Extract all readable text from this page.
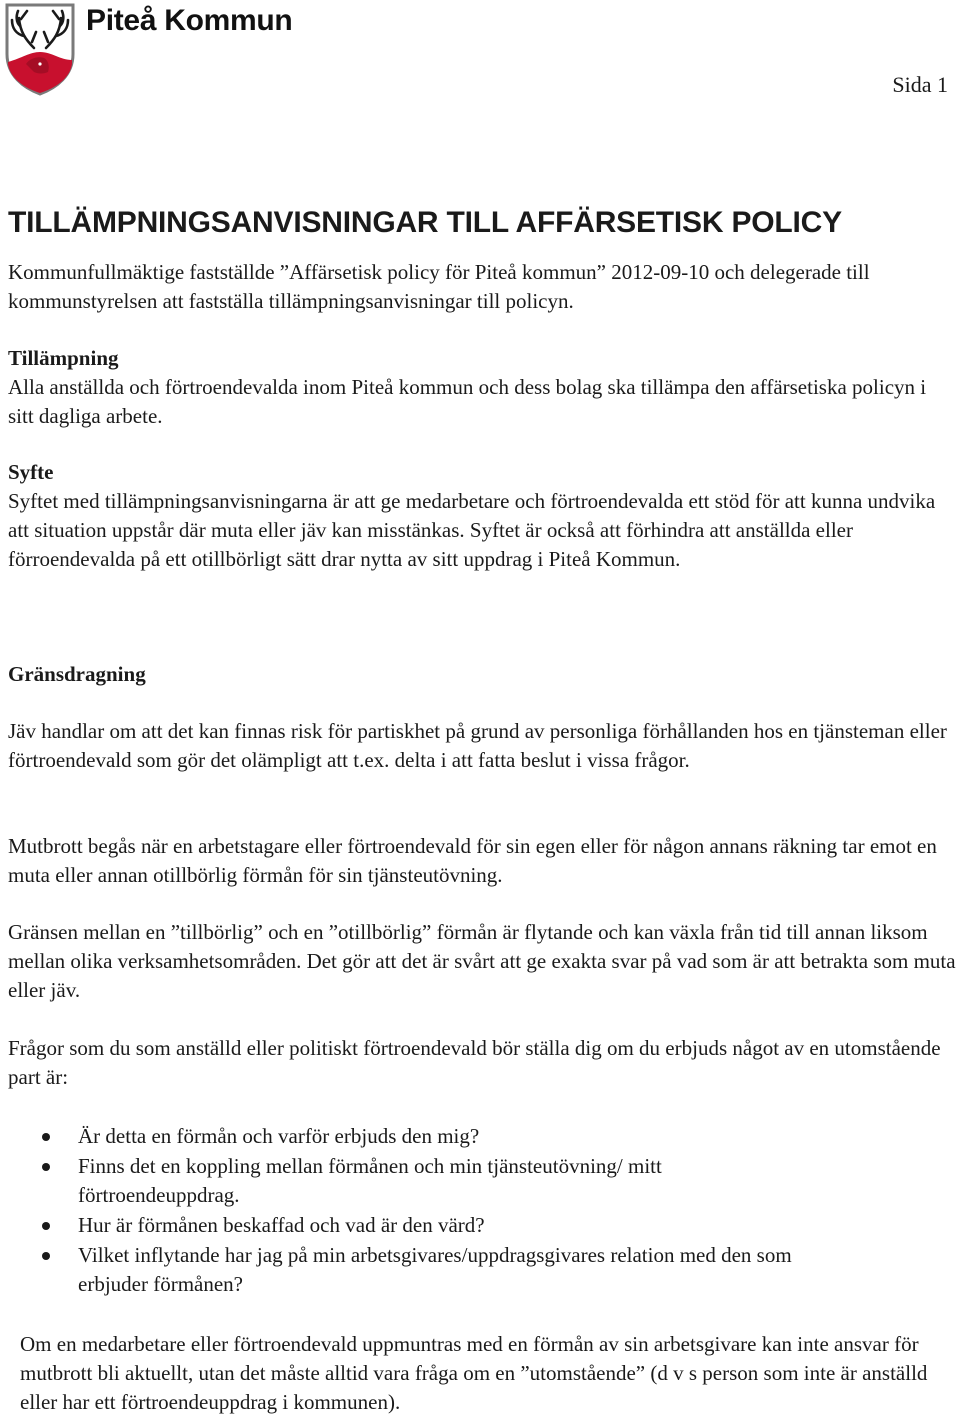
Piteå Kommun
Sida 1
TILLÄMPNINGSANVISNINGAR TILL AFFÄRSETISK POLICY

Kommunfullmäktige fastställde ”Affärsetisk policy för Piteå kommun” 2012-09-10 och delegerade till kommunstyrelsen att fastställa tillämpningsanvisningar till policyn.

Tillämpning
Alla anställda och förtroendevalda inom Piteå kommun och dess bolag ska tillämpa den affärsetiska policyn i sitt dagliga arbete.
Syfte
Syftet med tillämpningsanvisningarna är att ge medarbetare och förtroendevalda ett stöd för att kunna undvika att situation uppstår där muta eller jäv kan misstänkas. Syftet är också att förhindra att anställda eller förroendevalda på ett otillbörligt sätt drar nytta av sitt uppdrag i Piteå Kommun.
Gränsdragning

Jäv handlar om att det kan finnas risk för partiskhet på grund av personliga förhållanden hos en tjänsteman eller förtroendevald som gör det olämpligt att t.ex. delta i att fatta beslut i vissa frågor.

Mutbrott begås när en arbetstagare eller förtroendevald för sin egen eller för någon annans räkning tar emot en muta eller annan otillbörlig förmån för sin tjänsteutövning.

Gränsen mellan en ”tillbörlig” och en ”otillbörlig” förmån är flytande och kan växla från tid till annan liksom mellan olika verksamhetsområden. Det gör att det är svårt att ge exakta svar på vad som är att betrakta som muta eller jäv.

Frågor som du som anställd eller politiskt förtroendevald bör ställa dig om du erbjuds något av en utomstående part är:

Är detta en förmån och varför erbjuds den mig?
Finns det en koppling mellan förmånen och min tjänsteutövning/ mitt förtroendeuppdrag.
Hur är förmånen beskaffad och vad är den värd?
Vilket inflytande har jag på min arbetsgivares/uppdragsgivares relation med den som erbjuder förmånen?

Om en medarbetare eller förtroendevald uppmuntras med en förmån av sin arbetsgivare kan inte ansvar för mutbrott bli aktuellt, utan det måste alltid vara fråga om en ”utomstående” (d v s person som inte är anställd eller har ett förtroendeuppdrag i kommunen).
